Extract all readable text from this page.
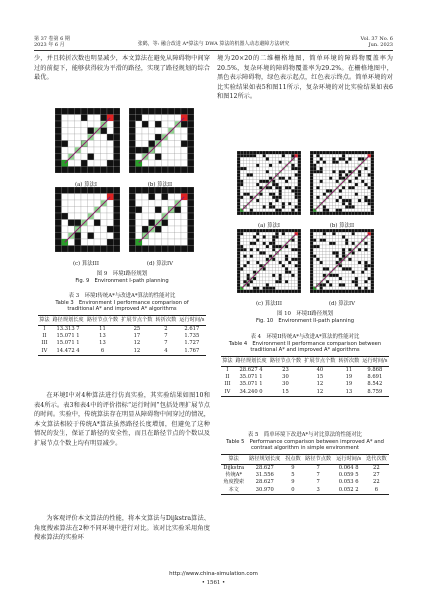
第 37 卷第 6 期
2023 年 6 月	张鹤，等: 融合改进 A*算法与 DWA 算法的机器人动态避障方法研究
Vol. 37 No. 6
Jun. 2023
少，并且转折次数也明显减少，本文算法在避免从障碍物中间穿过的前提下，能够获得较为平滑的路径，实现了路径规划的综合最优。
(a) 算法I	(b) 算法II
(c) 算法III	(d) 算法IV
图 9　环境I路径规划
Fig. 9　Environment I-path planning
表 3　环境I传统A*与改进A*算法的性能对比
Table 3　Environment I performance comparison of
traditional A* and improved A* algorithms
算法	路径规划长度	路径节点个数	扩展节点个数	转折次数	运行时间/s
I	13.313 7	11	25	2	2.617
II	15.071 1	13	17	7	1.735
III	15.071 1	13	12	7	1.727
IV	14.472 4	6	12	4	1.767
在环境I中对4种算法进行仿真实验，其实验结果如图10和表4所示。表3和表4中的评价指标“运行时间”包括处理扩展节点的时间。实验中，传统算法存在明显从障碍物中间穿过的情况，本文算法相较于传统A*算法虽然路径长度增加，但避免了这种情况的发生，保证了路径的安全性，而且在路径节点的个数以及扩展节点个数上均有明显减少。
为客观评价本文算法的性能，将本文算法与Dijkstra算法、角度搜索算法在2种不同环境中进行对比。该对比实验采用角度搜索算法的实验环
境为20×20的二维栅格地图，简单环境的障碍物覆盖率为20.5%，复杂环境的障碍物覆盖率为29.2%。在栅格地图中，黑色表示障碍物，绿色表示起点，红色表示终点。简单环境的对比实验结果如表5和图11所示，复杂环境的对比实验结果如表6和图12所示。
(a) 算法I	(b) 算法II
(c) 算法III	(d) 算法IV
图 10　环境II路径规划
Fig. 10　Environment II-path planning
表 4　环境II传统A*与改进A*算法的性能对比
Table 4　Environment II performance comparison between
traditional A* and improved A* algorithms
算法	路径规划长度	路径节点个数	扩展节点个数	转折次数	运行时间/s
I	28.627 4	23	40	11	9.868
II	35.071 1	30	15	19	8.691
III	35.071 1	30	12	19	8.542
IV	34.240 0	15	12	13	8.759
表 5　简单环境下改进A*与对比算法的性能对比
Table 5　Performance comparison between improved A* and
contrast algorithm in simple environment
算法	路径规划长度	拐点数	路径节点数	运行时间/s	迭代次数
Dijkstra	28.627	9	7	0.064 8	22
传统A*	31.556	5	7	0.059 5	27
角度搜索	28.627	9	7	0.053 6	22
本文	30.970	0	3	0.052 2	6
http://www.china-simulation.com
• 1561 •
